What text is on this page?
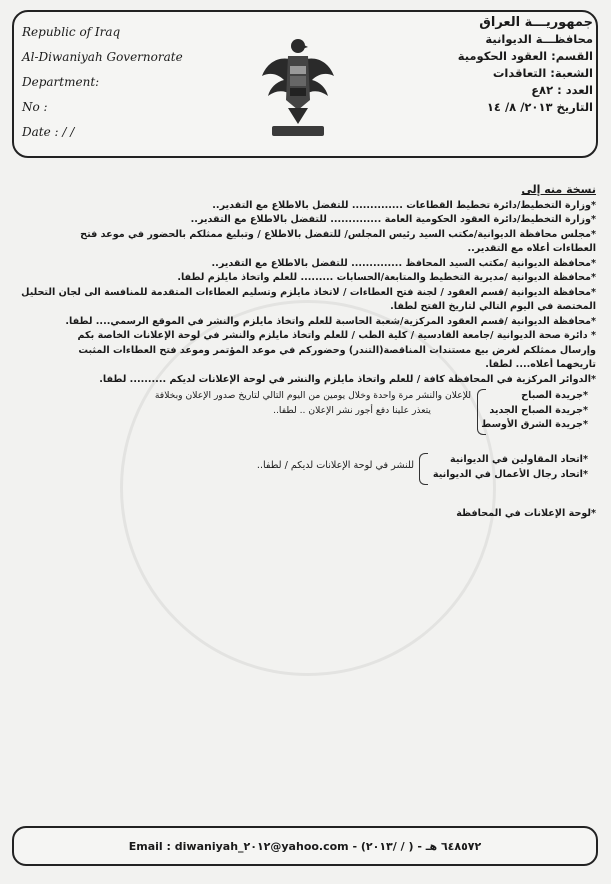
Republic of Iraq
Al-Diwaniyah Governorate
Department:
No :
Date : / /
جمهوريـــة العراق
محافظـــة الديوانية
القسم: العقود الحكومية
الشعبة: التعاقدات
العدد : ٨٢ع
التاريخ ٢٠١٣/ ٨/ ١٤
نسخة منه إلى
*وزارة التخطيط/دائرة تخطيط القطاعات .............. للتفضل بالاطلاع مع التقدير..
*وزارة التخطيط/دائرة العقود الحكومية العامة .............. للتفضل بالاطلاع مع التقدير..
*مجلس محافظة الديوانية/مكتب السيد رئيس المجلس/ للتفضل بالاطلاع / وتبليغ ممثلكم بالحضور في موعد فتح
العطاءات أعلاه مع التقدير..
*محافظة الديوانية /مكتب السيد المحافظ .............. للتفضل بالاطلاع مع التقدير..
*محافظة الديوانية /مديرية التخطيط والمتابعة/الحسابات ......... للعلم واتخاذ مايلزم لطفا.
*محافظة الديوانية /قسم العقود / لجنة فتح العطاءات / لاتخاذ مايلزم وتسليم العطاءات المتقدمة للمنافسة الى لجان التحليل
المختصة في اليوم التالي لتاريخ الفتح لطفا.
*محافظة الديوانية /قسم العقود المركزية/شعبة الحاسبة للعلم واتخاذ مايلزم والنشر في الموقع الرسمي.... لطفا.
* دائرة صحة الديوانية /جامعة القادسية / كلية الطب / للعلم واتخاذ مايلزم والنشر في لوحة الإعلانات الخاصة بكم
وإرسال ممثلكم لغرض بيع مستندات المناقصة(التندر) وحضوركم في موعد المؤتمر وموعد فتح العطاءات المثبت
تاريخهما أعلاه.... لطفا.
*الدوائر المركزية في المحافظة كافة / للعلم واتخاذ مايلزم والنشر في لوحة الإعلانات لديكم .......... لطفا.
*جريدة الصباح
*جريدة الصباح الجديد
*جريدة الشرق الأوسط
للإعلان والنشر مرة واحدة وخلال يومين من اليوم التالي لتاريخ صدور الإعلان وبخلافة
يتعذر علينا دفع أجور نشر الإعلان .. لطفا..
*اتحاد المقاولين في الديوانية
*اتحاد رجال الأعمال في الديوانية
للنشر في لوحة الإعلانات لديكم / لطفا..
*لوحة الإعلانات في المحافظة
Email : diwaniyah_٢٠١٢@yahoo.com - (٢٠١٣/ / ) - ٦٤٨٥٧٢ هـ
